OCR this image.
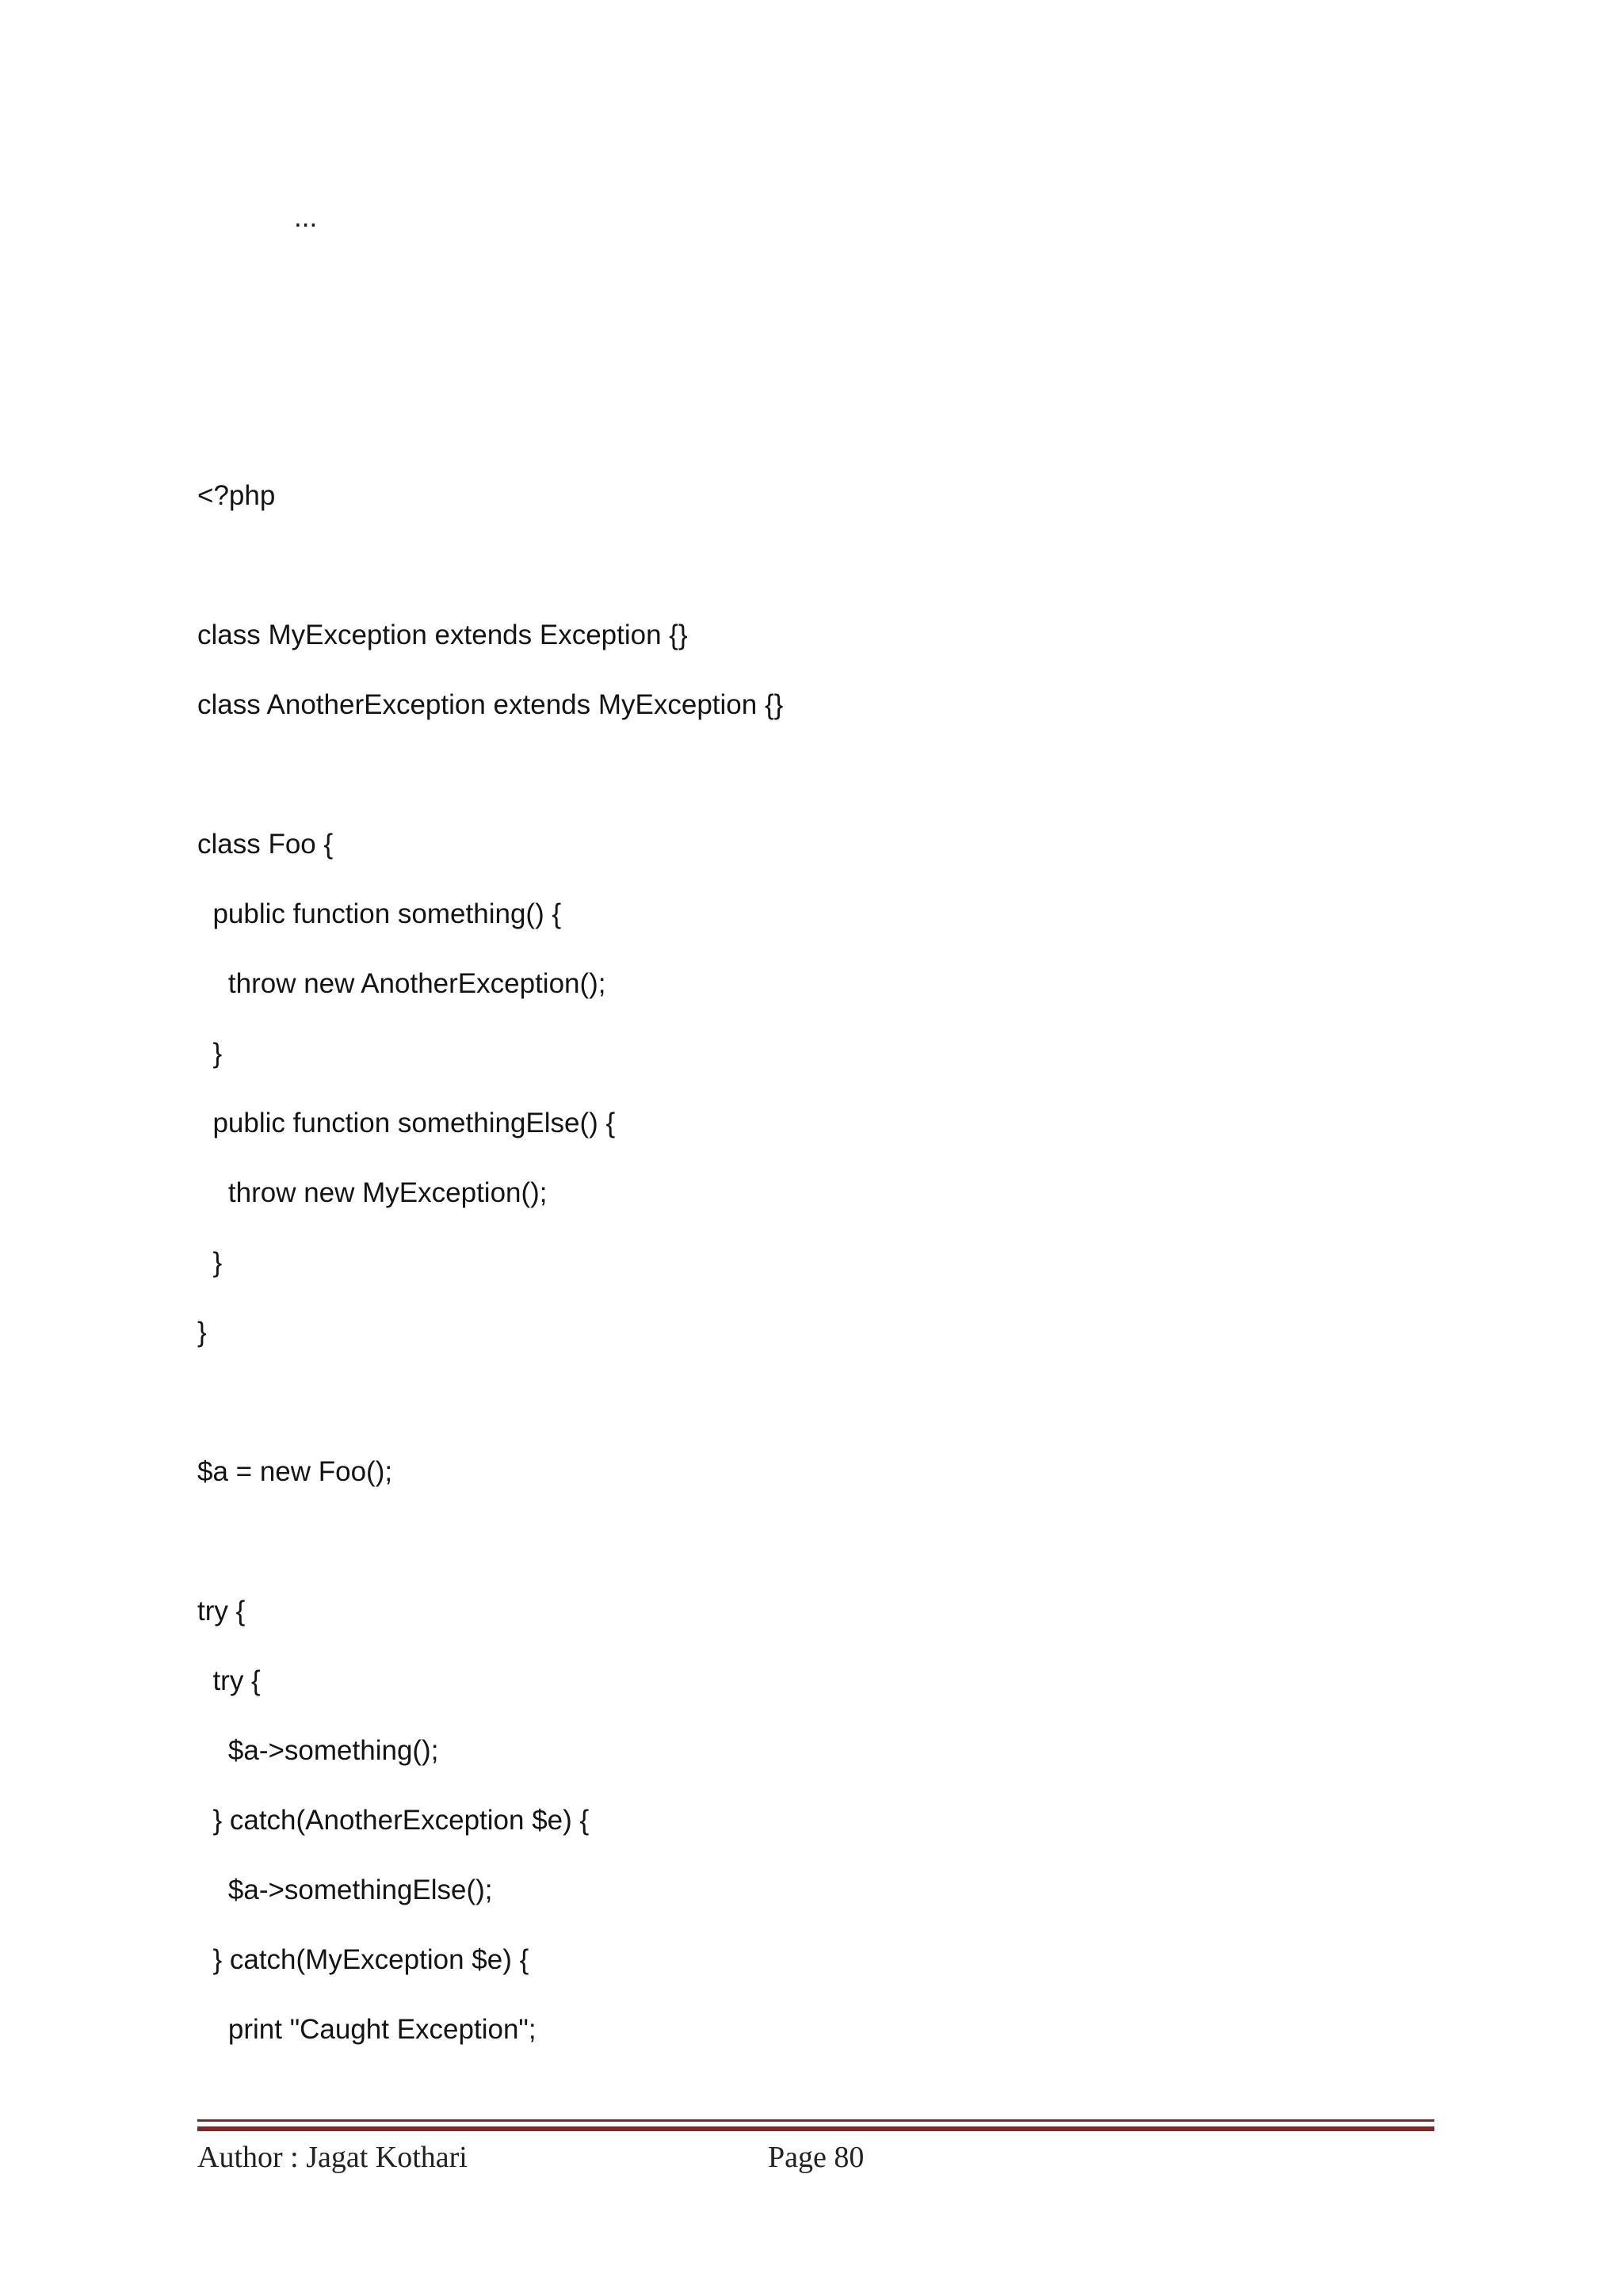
...
<?php
class MyException extends Exception {}
class AnotherException extends MyException {}
class Foo {
public function something() {
throw new AnotherException();
}
public function somethingElse() {
throw new MyException();
}
}
$a = new Foo();
try {
try {
$a->something();
} catch(AnotherException $e) {
$a->somethingElse();
} catch(MyException $e) {
print "Caught Exception";
Author : Jagat Kothari	Page 80
